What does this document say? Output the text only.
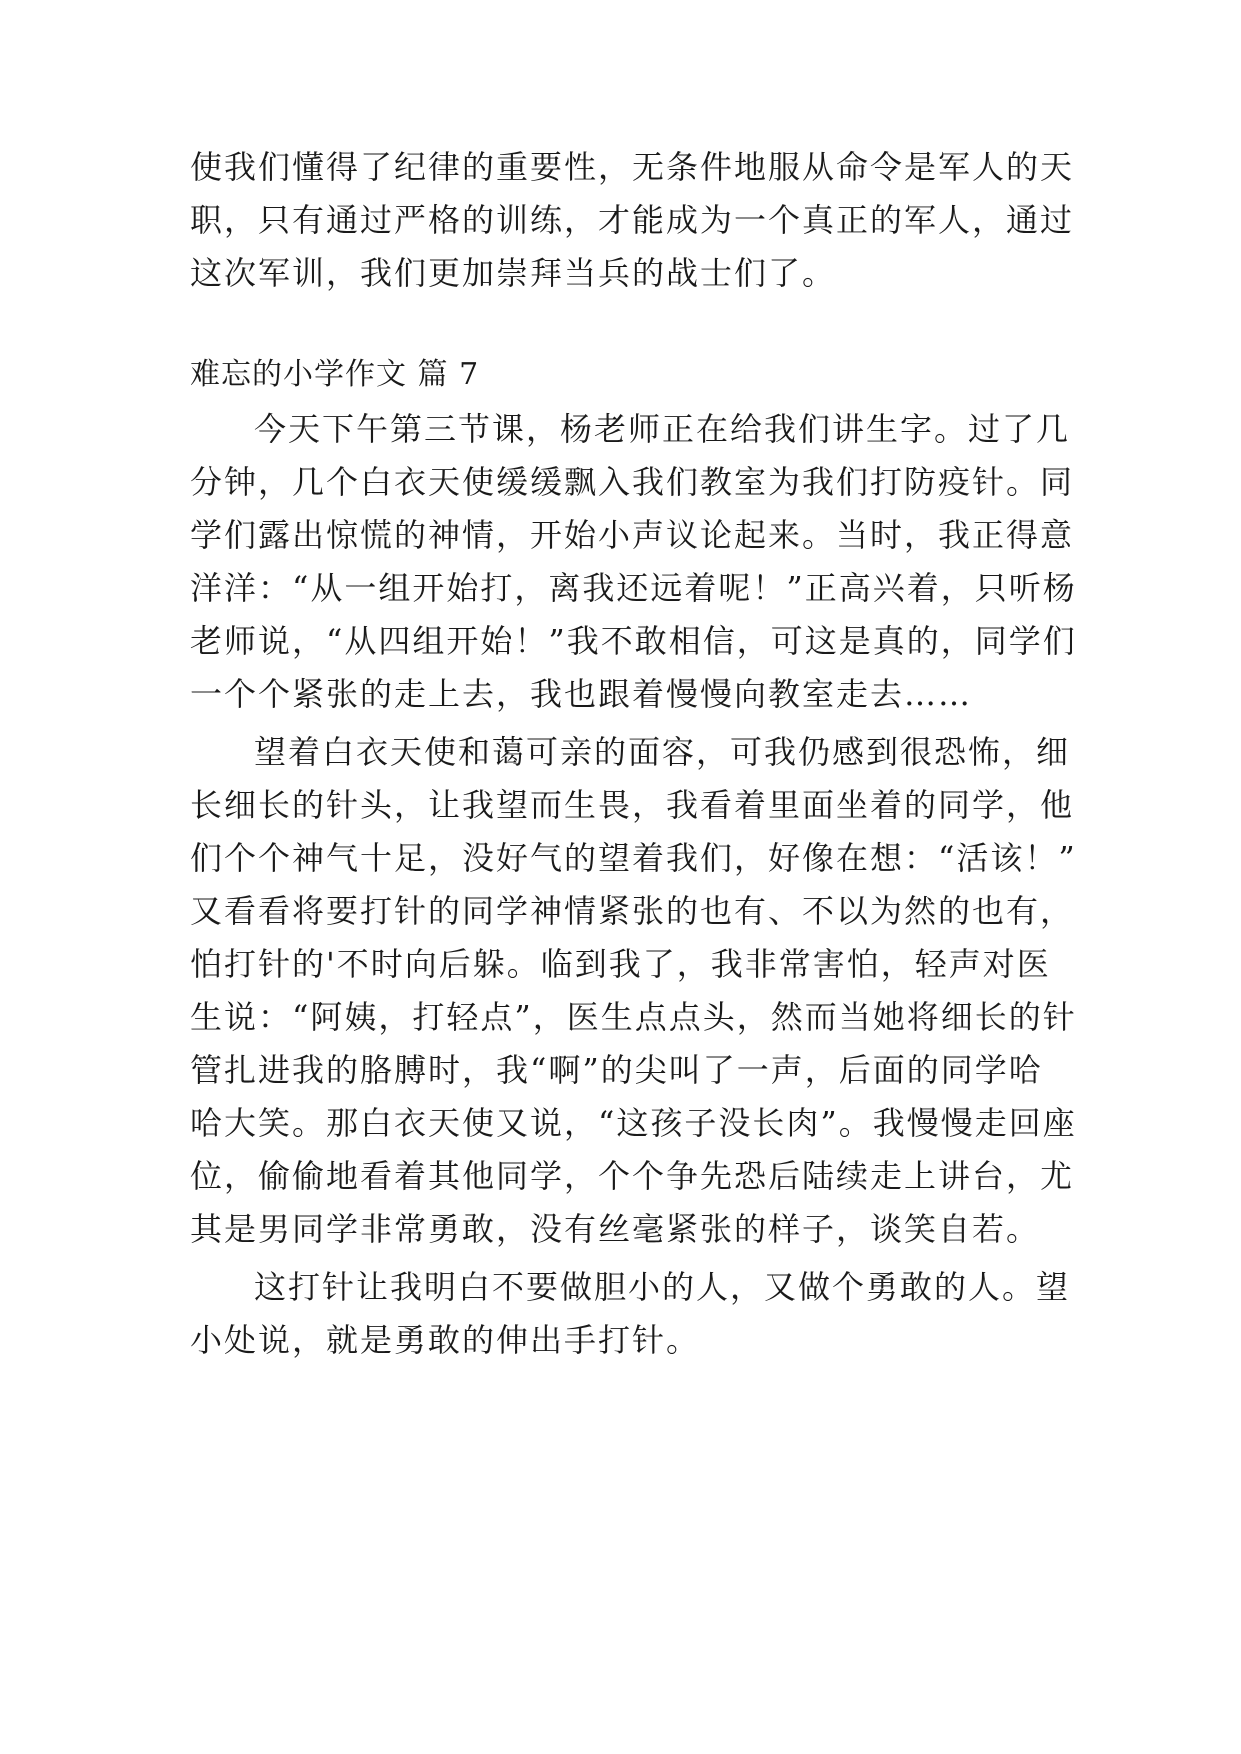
使我们懂得了纪律的重要性，无条件地服从命令是军人的天
职，只有通过严格的训练，才能成为一个真正的军人，通过
这次军训，我们更加崇拜当兵的战士们了。
难忘的小学作文 篇 7
今天下午第三节课，杨老师正在给我们讲生字。过了几
分钟，几个白衣天使缓缓飘入我们教室为我们打防疫针。同
学们露出惊慌的神情，开始小声议论起来。当时，我正得意
洋洋：“从一组开始打，离我还远着呢！”正高兴着，只听杨
老师说，“从四组开始！”我不敢相信，可这是真的，同学们
一个个紧张的走上去，我也跟着慢慢向教室走去……
望着白衣天使和蔼可亲的面容，可我仍感到很恐怖，细
长细长的针头，让我望而生畏，我看着里面坐着的同学，他
们个个神气十足，没好气的望着我们，好像在想：“活该！”
又看看将要打针的同学神情紧张的也有、不以为然的也有，
怕打针的'不时向后躲。临到我了，我非常害怕，轻声对医
生说：“阿姨，打轻点”，医生点点头，然而当她将细长的针
管扎进我的胳膊时，我“啊”的尖叫了一声，后面的同学哈
哈大笑。那白衣天使又说，“这孩子没长肉”。我慢慢走回座
位，偷偷地看着其他同学，个个争先恐后陆续走上讲台，尤
其是男同学非常勇敢，没有丝毫紧张的样子，谈笑自若。
这打针让我明白不要做胆小的人，又做个勇敢的人。望
小处说，就是勇敢的伸出手打针。
